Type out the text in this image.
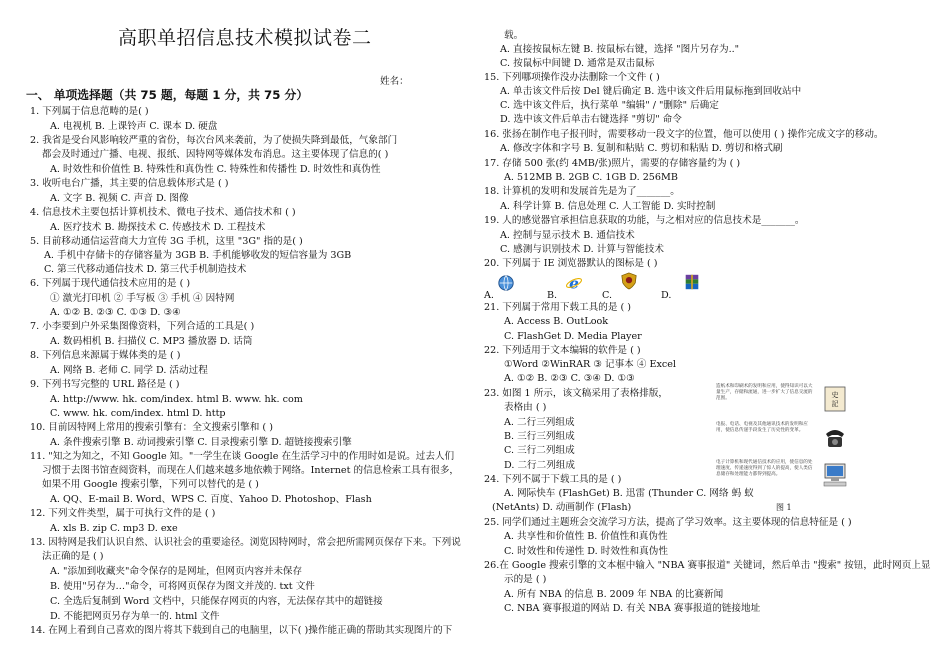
高职单招信息技术模拟试卷二
姓名：
一、 单项选择题（共 75 题，每题 1 分，共 75 分）
1. 下列属于信息范畴的是( )
A. 电视机 B. 上课铃声 C. 课本 D. 硬盘
2. 我省是受台风影响较严重的省份，每次台风来袭前，为了使损失降到最低，气象部门
都会及时通过广播、电视、报纸、因特网等媒体发布消息。这主要体现了信息的( )
A. 时效性和价值性 B. 特殊性和真伪性 C. 特殊性和传播性 D. 时效性和真伪性
3. 收听电台广播，其主要的信息载体形式是 ( )
A. 文字 B. 视频 C. 声音 D. 图像
4. 信息技术主要包括计算机技术、微电子技术、通信技术和 ( )
A. 医疗技术 B. 勘探技术 C. 传感技术 D. 工程技术
5. 目前移动通信运营商大力宣传 3G 手机，这里 "3G" 指的是( )
A. 手机中存储卡的存储容量为 3GB B. 手机能够收发的短信容量为 3GB
C. 第三代移动通信技术 D. 第三代手机制造技术
6. 下列属于现代通信技术应用的是 ( )
① 激光打印机 ② 手写板 ③ 手机 ④ 因特网
A. ①② B. ②③ C. ①③ D. ③④
7. 小李要到户外采集图像资料，下列合适的工具是( )
A. 数码相机 B. 扫描仪 C. MP3 播放器 D. 话筒
8. 下列信息来源属于媒体类的是 ( )
A. 网络 B. 老师 C. 同学 D. 活动过程
9. 下列书写完整的 URL 路径是 ( )
A. http://www. hk. com/index. html B. www. hk. com
C. www. hk. com/index. html D. http
10. 目前因特网上常用的搜索引擎有：全文搜索引擎和 ( )
A. 条件搜索引擎 B. 动词搜索引擎 C. 目录搜索引擎 D. 超链接搜索引擎
11. "知之为知之，不知 Google 知。"一学生在谈 Google 在生活学习中的作用时如是说。过去人们
习惯于去图书馆查阅资料，而现在人们越来越多地依赖于网络。Internet 的信息检索工具有很多，
如果不用 Google 搜索引擎，下列可以替代的是 ( )
A. QQ、E-mail B. Word、WPS C. 百度、Yahoo D. Photoshop、Flash
12. 下列文件类型，属于可执行文件的是 ( )
A. xls B. zip C. mp3 D. exe
13. 因特网是我们认识自然、认识社会的重要途径。浏览因特网时，常会把所需网页保存下来。下列说
法正确的是 ( )
A. "添加到收藏夹"命令保存的是网址，但网页内容并未保存
B. 使用"另存为…"命令，可将网页保存为图文并茂的. txt 文件
C. 全选后复制到 Word 文档中，只能保存网页的内容，无法保存其中的超链接
D. 不能把网页另存为单一的. html 文件
14. 在网上看到自己喜欢的图片将其下载到自己的电脑里，以下( )操作能正确的帮助其实现图片的下
载。
A. 直接按鼠标左键 B. 按鼠标右键，选择 "图片另存为.."
C. 按鼠标中间键 D. 通常是双击鼠标
15. 下列哪项操作没办法删除一个文件 ( )
A. 单击该文件后按 Del 键后确定 B. 选中该文件后用鼠标拖到回收站中
C. 选中该文件后，执行菜单 "编辑" / "删除" 后确定
D. 选中该文件后单击右键选择 "剪切" 命令
16. 张扬在制作电子报刊时，需要移动一段文字的位置，他可以使用 ( ) 操作完成文字的移动。
A. 修改字体和字号 B. 复制和粘贴 C. 剪切和粘贴 D. 剪切和格式刷
17. 存储 500 张(约 4MB/张)照片，需要的存储容量约为 ( )
A. 512MB B. 2GB C. 1GB D. 256MB
18. 计算机的发明和发展首先是为了_______。
A. 科学计算 B. 信息处理 C. 人工智能 D. 实时控制
19. 人的感觉器官承担信息获取的功能，与之相对应的信息技术是_______。
A. 控制与显示技术 B. 通信技术
C. 感测与识别技术 D. 计算与智能技术
20. 下列属于 IE 浏览器默认的图标是 ( )
21. 下列属于常用下载工具的是 ( )
A. Access B. OutLook
C. FlashGet D. Media Player
22. 下列适用于文本编辑的软件是 ( )
①Word ②WinRAR ③ 记事本 ④ Excel
A. ①② B. ②③ C. ③④ D. ①③
23. 如图 1 所示，该文稿采用了表格排版，
表格由 ( )
A. 二行三列组成
B. 三行三列组成
C. 三行二列组成
D. 二行二列组成
24. 下列不属于下载工具的是 ( )
A. 网际快车 (FlashGet) B. 迅雷 (Thunder C. 网络 蚂 蚁
(NetAnts) D. 动画制作 (Flash)
25. 同学们通过主题班会交流学习方法，提高了学习效率。这主要体现的信息特征是 ( )
A. 共享性和价值性 B. 价值性和真伪性
C. 时效性和传递性 D. 时效性和真伪性
26.在 Google 搜索引擎的文本框中输入 "NBA 赛事报道" 关键词，然后单击 "搜索" 按钮，此时网页上显
示的是 ( )
A. 所有 NBA 的信息 B. 2009 年 NBA 的比赛新闻
C. NBA 赛事报道的网站 D. 有关 NBA 赛事报道的链接地址
A.	B.
e
C.	D.
造纸术和印刷术的发明和应用，使得知识可以大量生产，存储和流通，进一步扩大了信息交流的范围。	史
記
电报、电话、电视及其他通讯技术的发明和应用，使信息传递手段发生了历史性的变革。
电子计算机和现代通信技术的应用，使信息的处理速度、传递速度得到了惊人的提高，使人类信息储存和处理能力都得到提高。
图 1
